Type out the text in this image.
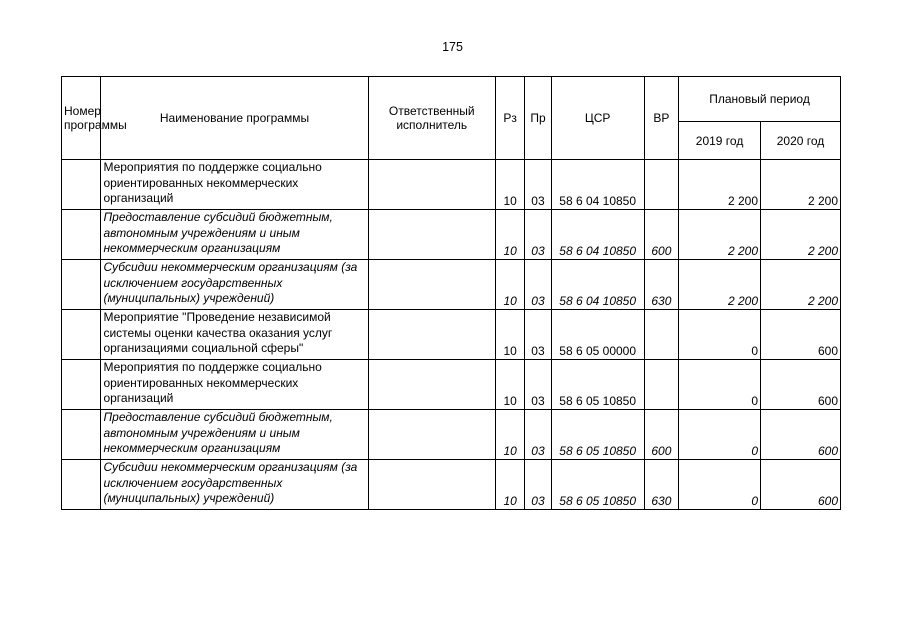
175
Номер программы	Наименование программы	Ответственный исполнитель	Рз	Пр	ЦСР	ВР	Плановый период	
							2019 год	2020 год
	Мероприятия по поддержке социально ориентированных некоммерческих организаций		10	03	58 6 04 10850		2 200	2 200
	Предоставление субсидий бюджетным, автономным учреждениям и иным некоммерческим организациям		10	03	58 6 04 10850	600	2 200	2 200
	Субсидии некоммерческим организациям (за исключением государственных (муниципальных) учреждений)		10	03	58 6 04 10850	630	2 200	2 200
	Мероприятие "Проведение независимой системы оценки качества оказания услуг организациями социальной сферы"		10	03	58 6 05 00000		0	600
	Мероприятия по поддержке социально ориентированных некоммерческих организаций		10	03	58 6 05 10850		0	600
	Предоставление субсидий бюджетным, автономным учреждениям и иным некоммерческим организациям		10	03	58 6 05 10850	600	0	600
	Субсидии некоммерческим организациям (за исключением государственных (муниципальных) учреждений)		10	03	58 6 05 10850	630	0	600
